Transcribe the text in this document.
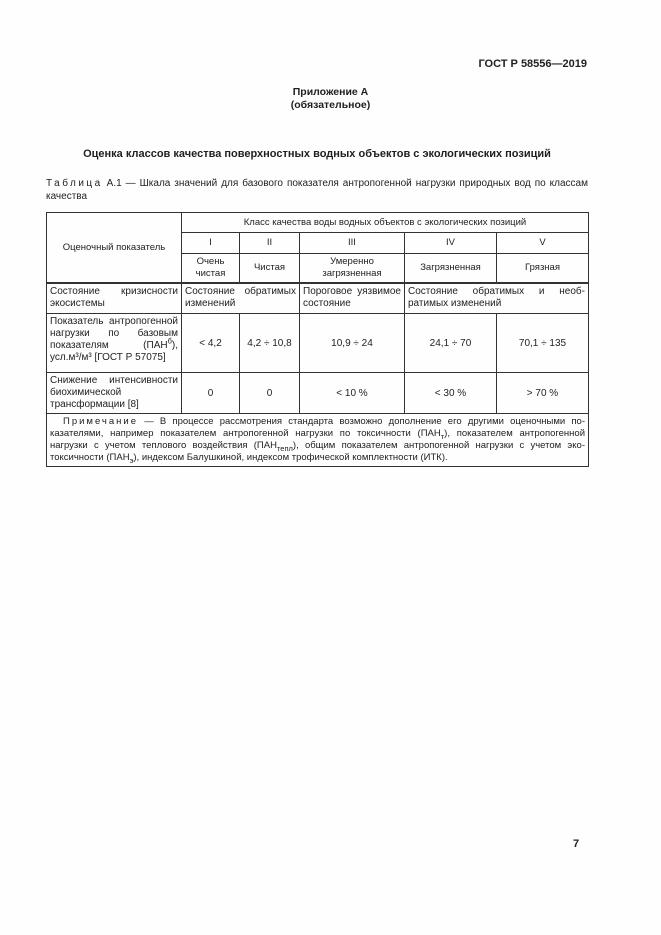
ГОСТ Р 58556—2019
Приложение А
(обязательное)
Оценка классов качества поверхностных водных объектов с экологических позиций
Таблица А.1 — Шкала значений для базового показателя антропогенной нагрузки природных вод по классам качества
Оценочный показатель	Класс качества воды водных объектов с экологических позиций				
	I	II	III	IV	V
	Очень чистая	Чистая	Умеренно загрязненная	Загрязненная	Грязная
Состояние кризисности экосистемы	Состояние обратимых изменений		Пороговое уязвимое состояние	Состояние обратимых и необратимых изменений	
Показатель антропогенной нагрузки по базовым показателям $(ПАН^б)$, усл.м³/м³ [ГОСТ Р 57075]	< 4,2	4,2 ÷ 10,8	10,9 ÷ 24	24,1 ÷ 70	70,1 ÷ 135
Снижение интенсивности биохимической трансформации [8]	0	0	< 10 %	< 30 %	> 70 %
Примечание — В процессе рассмотрения стандарта возможно дополнение его другими оценочными показателями, например показателем антропогенной нагрузки по токсичности $(ПАН_т)$, показателем антропогенной нагрузки с учетом теплового воздействия $(ПАН_{тепл})$, общим показателем антропогенной нагрузки с учетом экотоксичности $(ПАН_э)$, индексом Балушкиной, индексом трофической комплектности (ИТК).					
7
